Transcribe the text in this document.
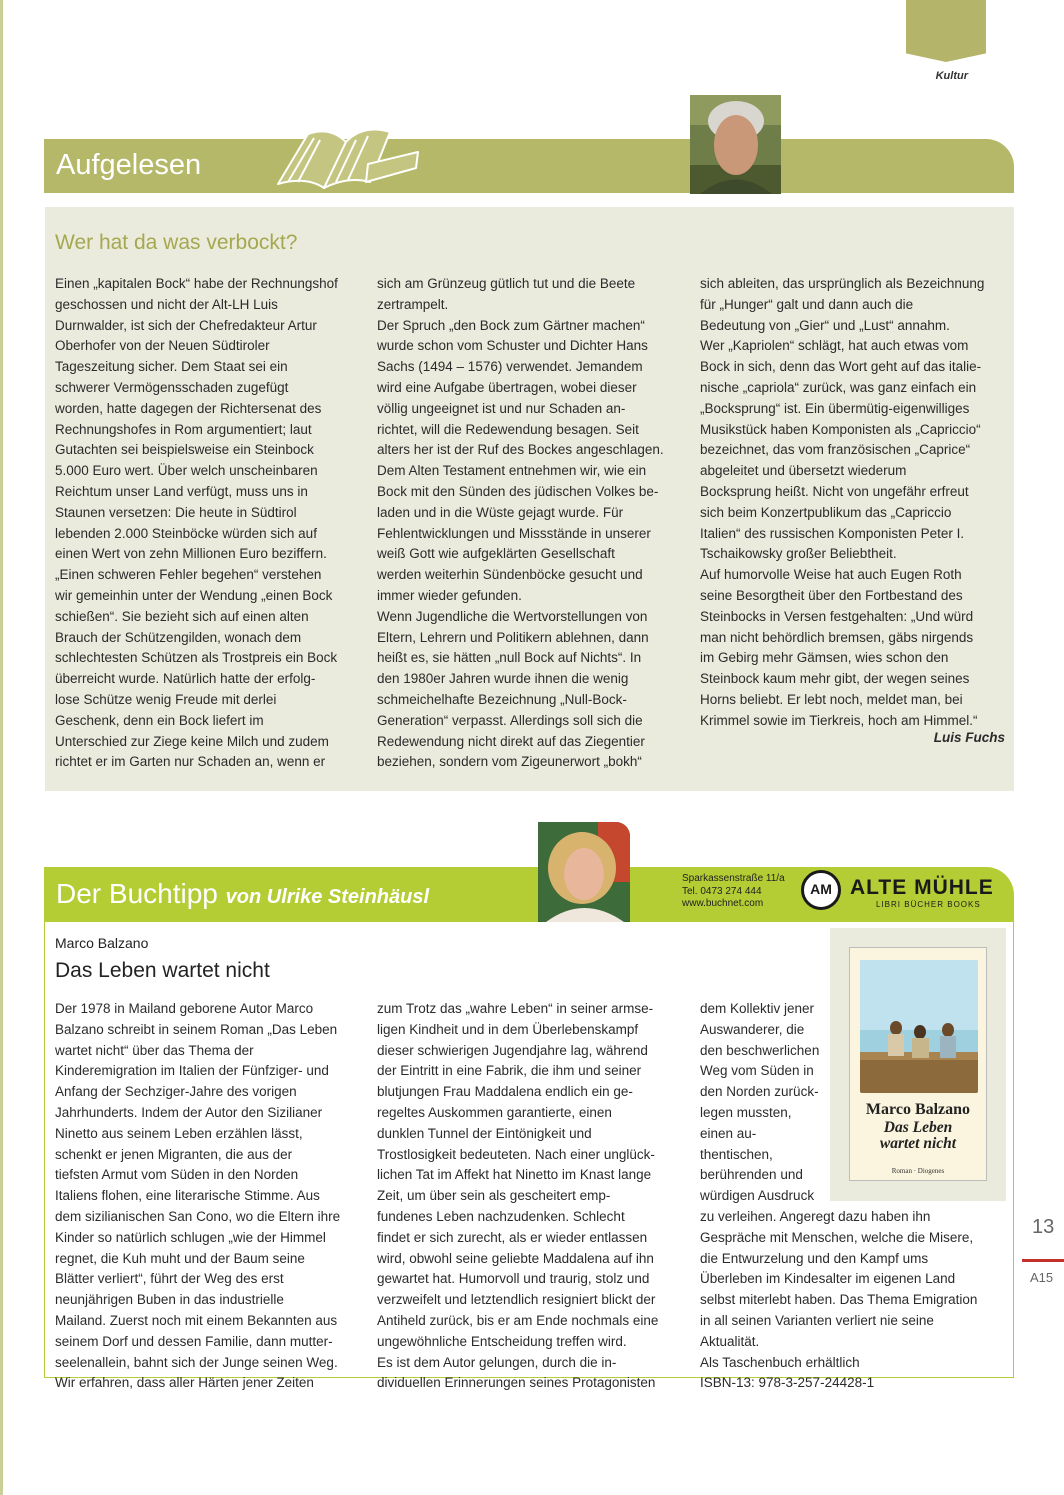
Kultur
Aufgelesen
Wer hat da was verbockt?
Einen „kapitalen Bock“ habe der Rechnungshof
geschossen und nicht der Alt-LH Luis
Durnwalder, ist sich der Chefredakteur Artur
Oberhofer von der Neuen Südtiroler
Tageszeitung sicher. Dem Staat sei ein
schwerer Vermögensschaden zugefügt
worden, hatte dagegen der Richtersenat des
Rechnungshofes in Rom argumentiert; laut
Gutachten sei beispielsweise ein Steinbock
5.000 Euro wert. Über welch unscheinbaren
Reichtum unser Land verfügt, muss uns in
Staunen versetzen: Die heute in Südtirol
lebenden 2.000 Steinböcke würden sich auf
einen Wert von zehn Millionen Euro beziffern.
„Einen schweren Fehler begehen“ verstehen
wir gemeinhin unter der Wendung „einen Bock
schießen“. Sie bezieht sich auf einen alten
Brauch der Schützengilden, wonach dem
schlechtesten Schützen als Trostpreis ein Bock
überreicht wurde. Natürlich hatte der erfolg-
lose Schütze wenig Freude mit derlei
Geschenk, denn ein Bock liefert im
Unterschied zur Ziege keine Milch und zudem
richtet er im Garten nur Schaden an, wenn er
sich am Grünzeug gütlich tut und die Beete
zertrampelt.
Der Spruch „den Bock zum Gärtner machen“
wurde schon vom Schuster und Dichter Hans
Sachs (1494 – 1576) verwendet. Jemandem
wird eine Aufgabe übertragen, wobei dieser
völlig ungeeignet ist und nur Schaden an-
richtet, will die Redewendung besagen. Seit
alters her ist der Ruf des Bockes angeschlagen.
Dem Alten Testament entnehmen wir, wie ein
Bock mit den Sünden des jüdischen Volkes be-
laden und in die Wüste gejagt wurde. Für
Fehlentwicklungen und Missstände in unserer
weiß Gott wie aufgeklärten Gesellschaft
werden weiterhin Sündenböcke gesucht und
immer wieder gefunden.
Wenn Jugendliche die Wertvorstellungen von
Eltern, Lehrern und Politikern ablehnen, dann
heißt es, sie hätten „null Bock auf Nichts“. In
den 1980er Jahren wurde ihnen die wenig
schmeichelhafte Bezeichnung „Null-Bock-
Generation“ verpasst. Allerdings soll sich die
Redewendung nicht direkt auf das Ziegentier
beziehen, sondern vom Zigeunerwort „bokh“
sich ableiten, das ursprünglich als Bezeichnung
für „Hunger“ galt und dann auch die
Bedeutung von „Gier“ und „Lust“ annahm.
Wer „Kapriolen“ schlägt, hat auch etwas vom
Bock in sich, denn das Wort geht auf das italie-
nische „capriola“ zurück, was ganz einfach ein
„Bocksprung“ ist. Ein übermütig-eigenwilliges
Musikstück haben Komponisten als „Capriccio“
bezeichnet, das vom französischen „Caprice“
abgeleitet und übersetzt wiederum
Bocksprung heißt. Nicht von ungefähr erfreut
sich beim Konzertpublikum das „Capriccio
Italien“ des russischen Komponisten Peter I.
Tschaikowsky großer Beliebtheit.
Auf humorvolle Weise hat auch Eugen Roth
seine Besorgtheit über den Fortbestand des
Steinbocks in Versen festgehalten: „Und würd
man nicht behördlich bremsen, gäbs nirgends
im Gebirg mehr Gämsen, wies schon den
Steinbock kaum mehr gibt, der wegen seines
Horns beliebt. Er lebt noch, meldet man, bei
Krimmel sowie im Tierkreis, hoch am Himmel.“
Luis Fuchs
Der Buchtipp von Ulrike Steinhäusl
Sparkassenstraße 11/a
Tel. 0473 274 444
www.buchnet.com
AM ALTE MÜHLE
LIBRI BÜCHER BOOKS
Marco Balzano
Das Leben wartet nicht
Marco Balzano
Das Leben
wartet nicht
Roman · Diogenes
Der 1978 in Mailand geborene Autor Marco
Balzano schreibt in seinem Roman „Das Leben
wartet nicht“ über das Thema der
Kinderemigration im Italien der Fünfziger- und
Anfang der Sechziger-Jahre des vorigen
Jahrhunderts. Indem der Autor den Sizilianer
Ninetto aus seinem Leben erzählen lässt,
schenkt er jenen Migranten, die aus der
tiefsten Armut vom Süden in den Norden
Italiens flohen, eine literarische Stimme. Aus
dem sizilianischen San Cono, wo die Eltern ihre
Kinder so natürlich schlugen „wie der Himmel
regnet, die Kuh muht und der Baum seine
Blätter verliert“, führt der Weg des erst
neunjährigen Buben in das industrielle
Mailand. Zuerst noch mit einem Bekannten aus
seinem Dorf und dessen Familie, dann mutter-
seelenallein, bahnt sich der Junge seinen Weg.
Wir erfahren, dass aller Härten jener Zeiten
zum Trotz das „wahre Leben“ in seiner armse-
ligen Kindheit und in dem Überlebenskampf
dieser schwierigen Jugendjahre lag, während
der Eintritt in eine Fabrik, die ihm und seiner
blutjungen Frau Maddalena endlich ein ge-
regeltes Auskommen garantierte, einen
dunklen Tunnel der Eintönigkeit und
Trostlosigkeit bedeuteten. Nach einer unglück-
lichen Tat im Affekt hat Ninetto im Knast lange
Zeit, um über sein als gescheitert emp-
fundenes Leben nachzudenken. Schlecht
findet er sich zurecht, als er wieder entlassen
wird, obwohl seine geliebte Maddalena auf ihn
gewartet hat. Humorvoll und traurig, stolz und
verzweifelt und letztendlich resigniert blickt der
Antiheld zurück, bis er am Ende nochmals eine
ungewöhnliche Entscheidung treffen wird.
Es ist dem Autor gelungen, durch die in-
dividuellen Erinnerungen seines Protagonisten
dem Kollektiv jener
Auswanderer, die
den beschwerlichen
Weg vom Süden in
den Norden zurück-
legen mussten,
einen au-
thentischen,
berührenden und
würdigen Ausdruck
zu verleihen. Angeregt dazu haben ihn
Gespräche mit Menschen, welche die Misere,
die Entwurzelung und den Kampf ums
Überleben im Kindesalter im eigenen Land
selbst miterlebt haben. Das Thema Emigration
in all seinen Varianten verliert nie seine
Aktualität.
Als Taschenbuch erhältlich
ISBN-13: 978-3-257-24428-1
13
A15
